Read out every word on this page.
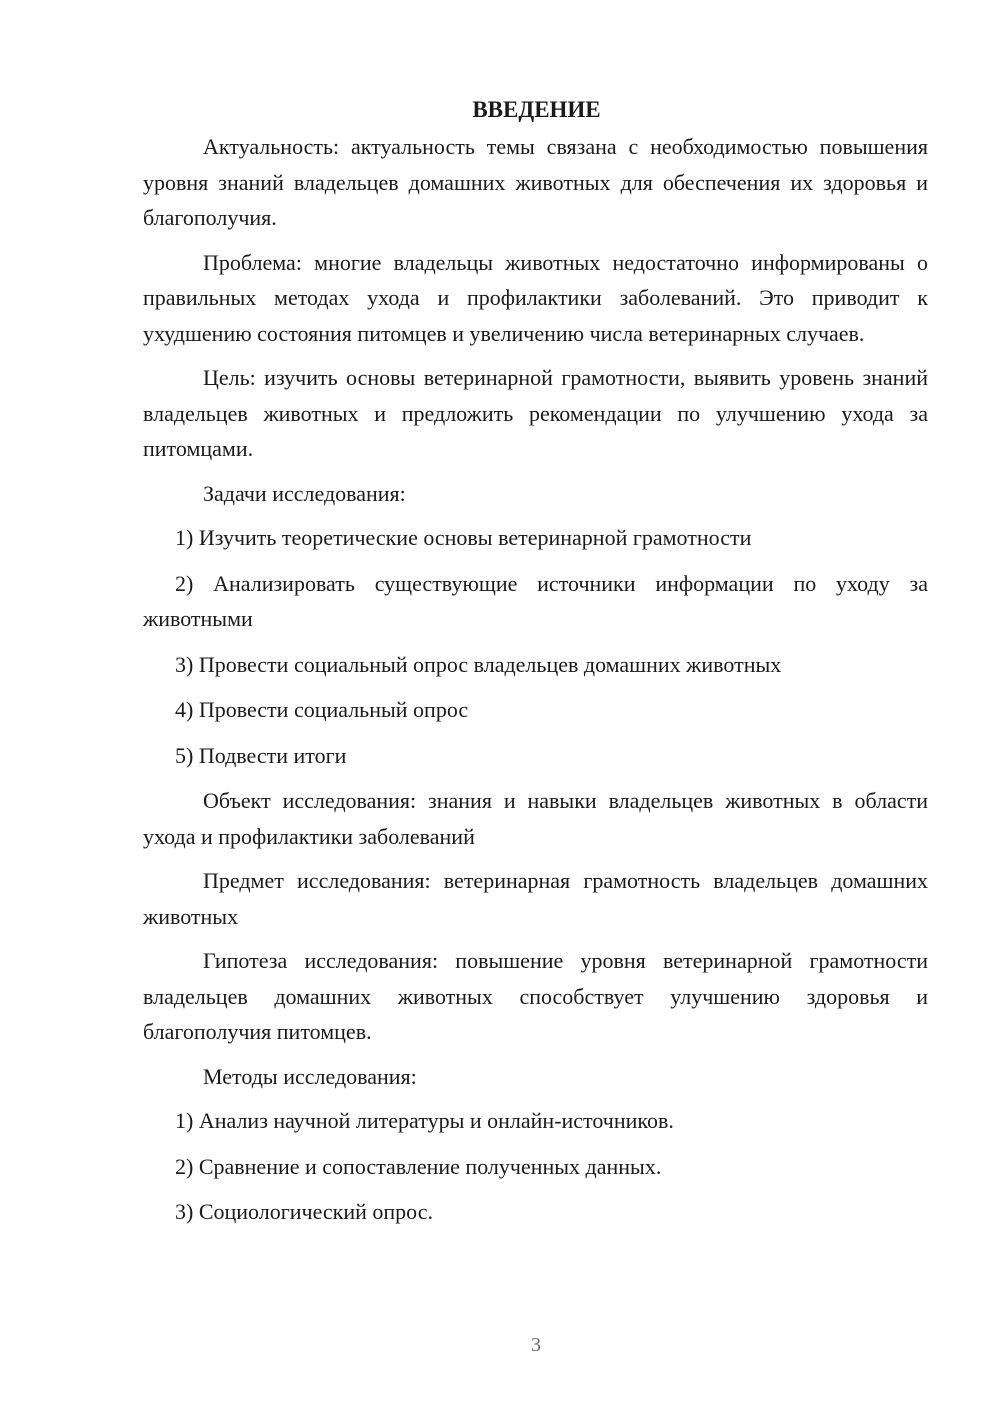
ВВЕДЕНИЕ

Актуальность: актуальность темы связана с необходимостью повышения уровня знаний владельцев домашних животных для обеспечения их здоровья и благополучия.

Проблема: многие владельцы животных недостаточно информированы о правильных методах ухода и профилактики заболеваний. Это приводит к ухудшению состояния питомцев и увеличению числа ветеринарных случаев.

Цель: изучить основы ветеринарной грамотности, выявить уровень знаний владельцев животных и предложить рекомендации по улучшению ухода за питомцами.

Задачи исследования:

1) Изучить теоретические основы ветеринарной грамотности

2) Анализировать существующие источники информации по уходу за животными

3) Провести социальный опрос владельцев домашних животных

4) Провести социальный опрос

5) Подвести итоги

Объект исследования: знания и навыки владельцев животных в области ухода и профилактики заболеваний

Предмет исследования: ветеринарная грамотность владельцев домашних животных

Гипотеза исследования: повышение уровня ветеринарной грамотности владельцев домашних животных способствует улучшению здоровья и благополучия питомцев.

Методы исследования:

1) Анализ научной литературы и онлайн-источников.

2) Сравнение и сопоставление полученных данных.

3) Социологический опрос.

3
